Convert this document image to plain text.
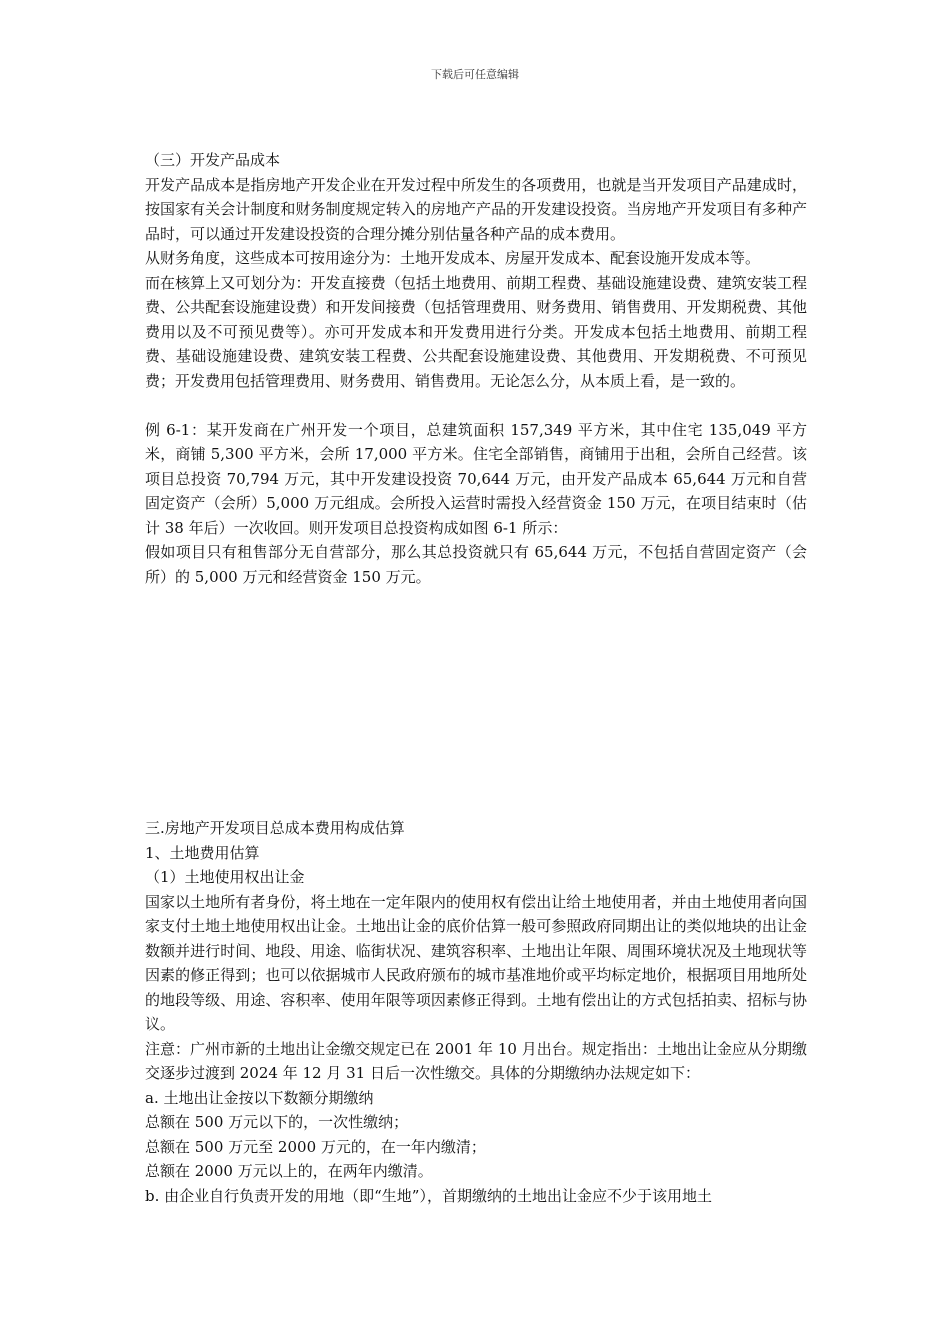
下载后可任意编辑

（三）开发产品成本

开发产品成本是指房地产开发企业在开发过程中所发生的各项费用，也就是当开发项目产品建成时，按国家有关会计制度和财务制度规定转入的房地产产品的开发建设投资。当房地产开发项目有多种产品时，可以通过开发建设投资的合理分摊分别估量各种产品的成本费用。

从财务角度，这些成本可按用途分为：土地开发成本、房屋开发成本、配套设施开发成本等。

而在核算上又可划分为：开发直接费（包括土地费用、前期工程费、基础设施建设费、建筑安装工程费、公共配套设施建设费）和开发间接费（包括管理费用、财务费用、销售费用、开发期税费、其他费用以及不可预见费等）。亦可开发成本和开发费用进行分类。开发成本包括土地费用、前期工程费、基础设施建设费、建筑安装工程费、公共配套设施建设费、其他费用、开发期税费、不可预见费；开发费用包括管理费用、财务费用、销售费用。无论怎么分，从本质上看，是一致的。

例 6-1：某开发商在广州开发一个项目，总建筑面积 157,349 平方米，其中住宅 135,049 平方米，商铺 5,300 平方米，会所 17,000 平方米。住宅全部销售，商铺用于出租，会所自己经营。该项目总投资 70,794 万元，其中开发建设投资 70,644 万元，由开发产品成本 65,644 万元和自营固定资产（会所）5,000 万元组成。会所投入运营时需投入经营资金 150 万元，在项目结束时（估计 38 年后）一次收回。则开发项目总投资构成如图 6-1 所示：

假如项目只有租售部分无自营部分，那么其总投资就只有 65,644 万元，不包括自营固定资产（会所）的 5,000 万元和经营资金 150 万元。

三.房地产开发项目总成本费用构成估算

1、土地费用估算

（1）土地使用权出让金

国家以土地所有者身份，将土地在一定年限内的使用权有偿出让给土地使用者，并由土地使用者向国家支付土地土地使用权出让金。土地出让金的底价估算一般可参照政府同期出让的类似地块的出让金数额并进行时间、地段、用途、临街状况、建筑容积率、土地出让年限、周围环境状况及土地现状等因素的修正得到；也可以依据城市人民政府颁布的城市基准地价或平均标定地价，根据项目用地所处的地段等级、用途、容积率、使用年限等项因素修正得到。土地有偿出让的方式包括拍卖、招标与协议。

注意：广州市新的土地出让金缴交规定已在 2001 年 10 月出台。规定指出：土地出让金应从分期缴交逐步过渡到 2024 年 12 月 31 日后一次性缴交。具体的分期缴纳办法规定如下：

a. 土地出让金按以下数额分期缴纳

总额在 500 万元以下的，一次性缴纳；

总额在 500 万元至 2000 万元的，在一年内缴清；

总额在 2000 万元以上的，在两年内缴清。

b. 由企业自行负责开发的用地（即“生地”），首期缴纳的土地出让金应不少于该用地土
